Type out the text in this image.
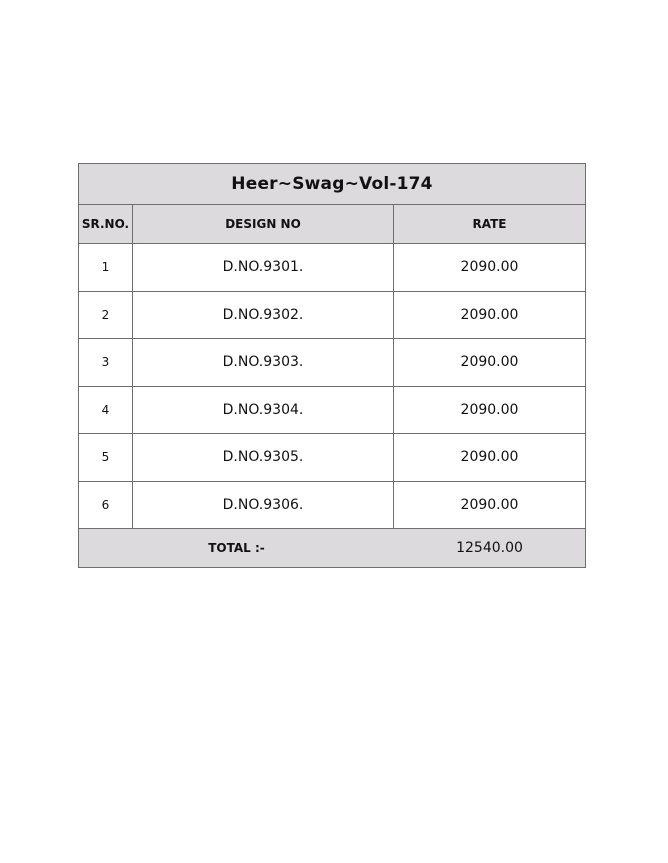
Heer~Swag~Vol-174
SR.NO.	DESIGN NO	RATE
1	D.NO.9301.	2090.00
2	D.NO.9302.	2090.00
3	D.NO.9303.	2090.00
4	D.NO.9304.	2090.00
5	D.NO.9305.	2090.00
6	D.NO.9306.	2090.00
TOTAL :-	12540.00
